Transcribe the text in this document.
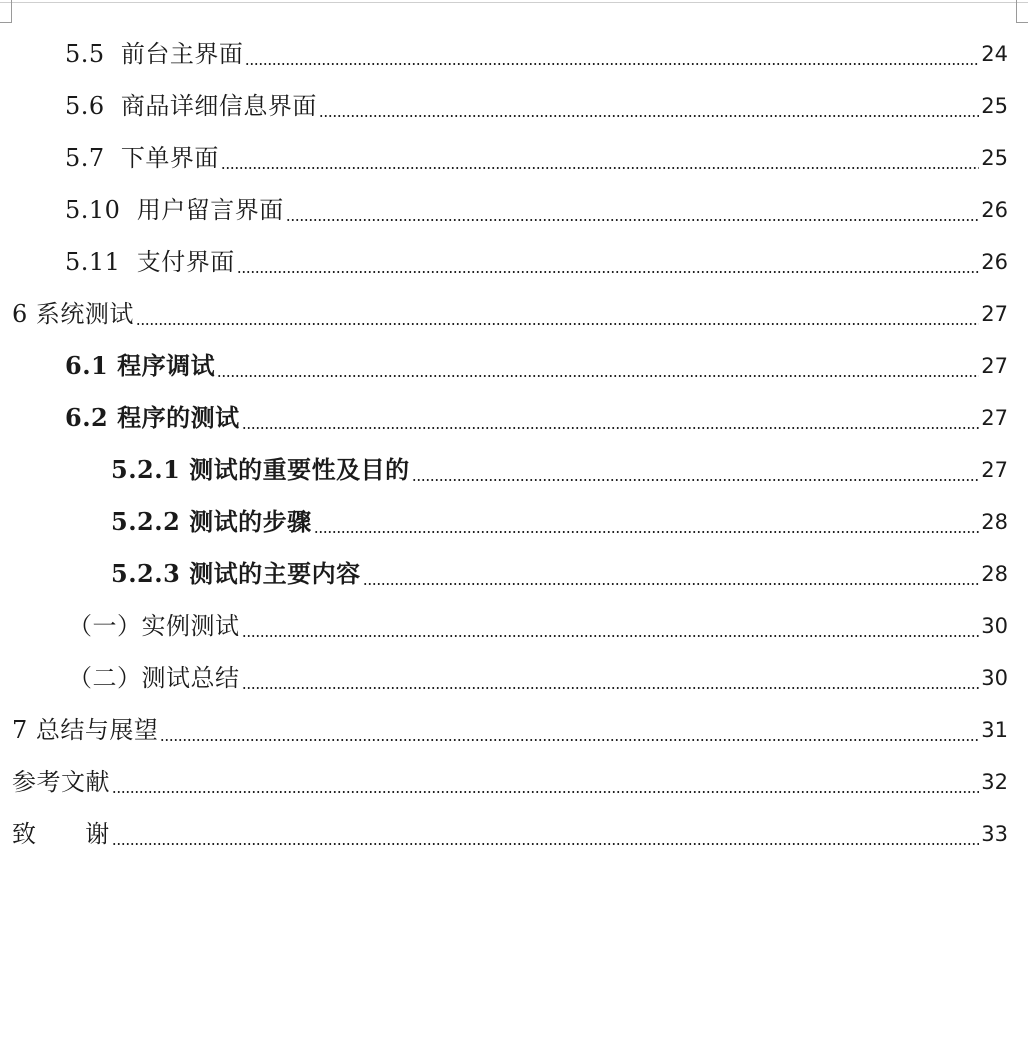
5.5  前台主界面	24
5.6  商品详细信息界面	25
5.7  下单界面	25
5.10  用户留言界面	26
5.11  支付界面	26
6 系统测试	27
6.1 程序调试	27
6.2 程序的测试	27
5.2.1 测试的重要性及目的	27
5.2.2 测试的步骤	28
5.2.3 测试的主要内容	28
（一）实例测试	30
（二）测试总结	30
7 总结与展望	31
参考文献	32
致      谢	33
